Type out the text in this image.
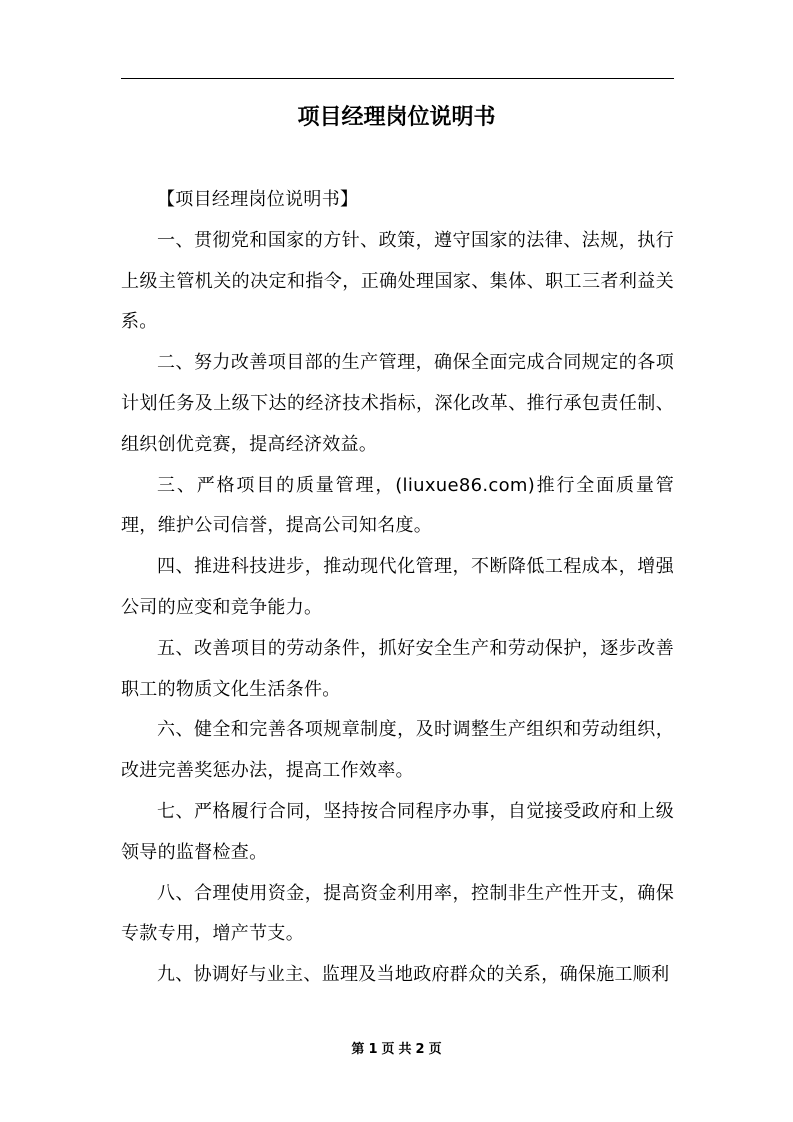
项目经理岗位说明书

【项目经理岗位说明书】

一、贯彻党和国家的方针、政策，遵守国家的法律、法规，执行上级主管机关的决定和指令，正确处理国家、集体、职工三者利益关系。

二、努力改善项目部的生产管理，确保全面完成合同规定的各项计划任务及上级下达的经济技术指标，深化改革、推行承包责任制、组织创优竞赛，提高经济效益。

三、严格项目的质量管理，(liuxue86.com)推行全面质量管理，维护公司信誉，提高公司知名度。

四、推进科技进步，推动现代化管理，不断降低工程成本，增强公司的应变和竞争能力。

五、改善项目的劳动条件，抓好安全生产和劳动保护，逐步改善职工的物质文化生活条件。

六、健全和完善各项规章制度，及时调整生产组织和劳动组织，改进完善奖惩办法，提高工作效率。

七、严格履行合同，坚持按合同程序办事，自觉接受政府和上级领导的监督检查。

八、合理使用资金，提高资金利用率，控制非生产性开支，确保专款专用，增产节支。

九、协调好与业主、监理及当地政府群众的关系，确保施工顺利

第 1 页 共 2 页
